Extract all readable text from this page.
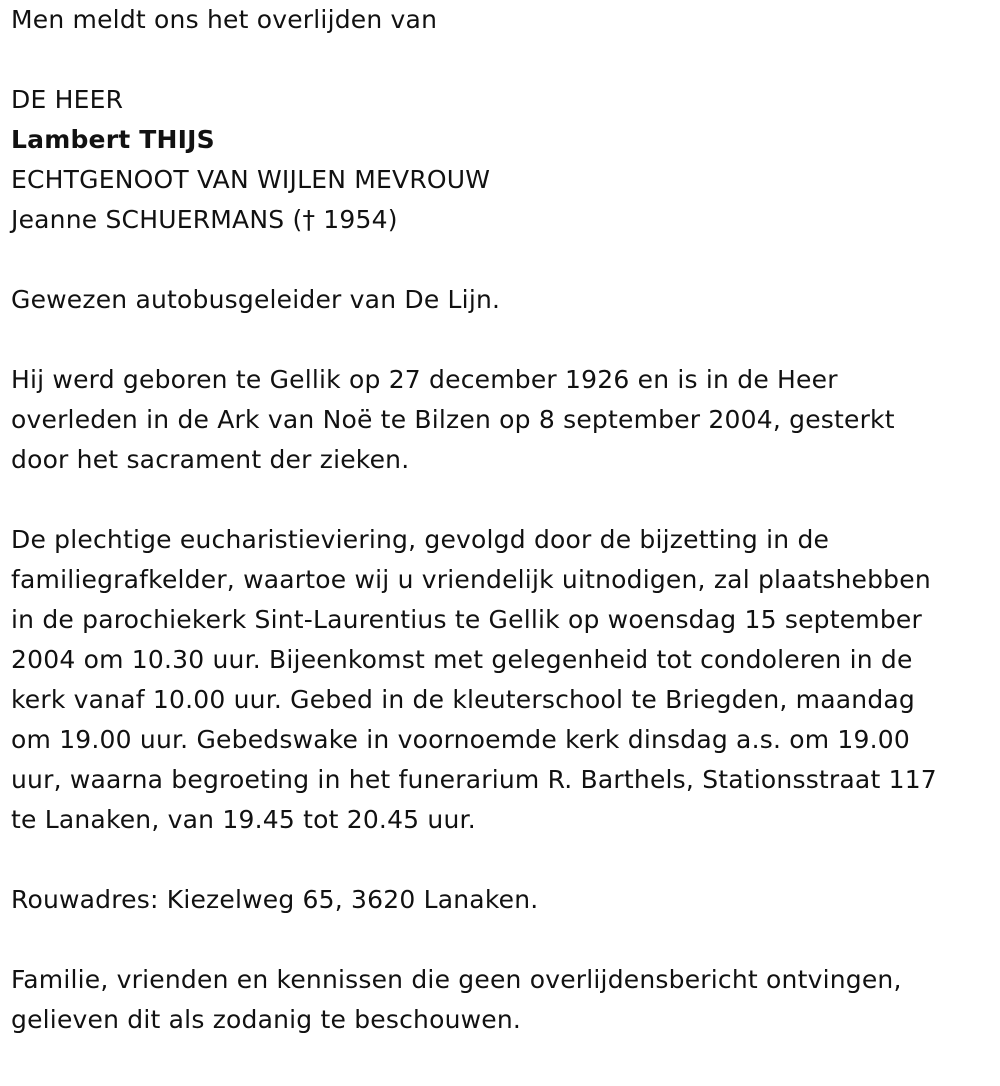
Men meldt ons het overlijden van

DE HEER

Lambert THIJS

ECHTGENOOT VAN WIJLEN MEVROUW

Jeanne SCHUERMANS († 1954)

Gewezen autobusgeleider van De Lijn.

Hij werd geboren te Gellik op 27 december 1926 en is in de Heer

overleden in de Ark van Noë te Bilzen op 8 september 2004, gesterkt

door het sacrament der zieken.

De plechtige eucharistieviering, gevolgd door de bijzetting in de

familiegrafkelder, waartoe wij u vriendelijk uitnodigen, zal plaatshebben

in de parochiekerk Sint-Laurentius te Gellik op woensdag 15 september

2004 om 10.30 uur. Bijeenkomst met gelegenheid tot condoleren in de

kerk vanaf 10.00 uur. Gebed in de kleuterschool te Briegden, maandag

om 19.00 uur. Gebedswake in voornoemde kerk dinsdag a.s. om 19.00

uur, waarna begroeting in het funerarium R. Barthels, Stationsstraat 117

te Lanaken, van 19.45 tot 20.45 uur.

Rouwadres: Kiezelweg 65, 3620 Lanaken.

Familie, vrienden en kennissen die geen overlijdensbericht ontvingen,

gelieven dit als zodanig te beschouwen.
